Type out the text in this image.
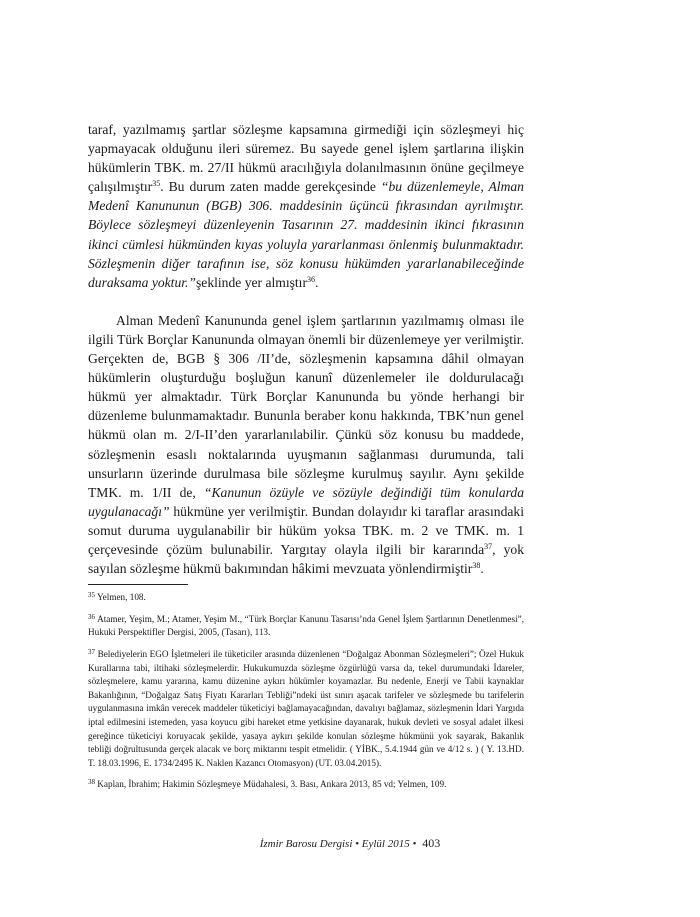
taraf, yazılmamış şartlar sözleşme kapsamına girmediği için sözleşmeyi hiç yapmayacak olduğunu ileri süremez. Bu sayede genel işlem şartlarına ilişkin hükümlerin TBK. m. 27/II hükmü aracılığıyla dolanılmasının önüne geçilmeye çalışılmıştır$^{35}$. Bu durum zaten madde gerekçesinde “bu düzenlemeyle, Alman Medenî Kanununun (BGB) 306. maddesinin üçüncü fıkrasından ayrılmıştır. Böylece sözleşmeyi düzenleyenin Tasarının 27. maddesinin ikinci fıkrasının ikinci cümlesi hükmünden kıyas yoluyla yararlanması önlenmiş bulunmaktadır. Sözleşmenin diğer tarafının ise, söz konusu hükümden yararlanabileceğinde duraksama yoktur.”şeklinde yer almıştır$^{36}$.

Alman Medenî Kanununda genel işlem şartlarının yazılmamış olması ile ilgili Türk Borçlar Kanununda olmayan önemli bir düzenlemeye yer verilmiştir. Gerçekten de, BGB § 306 /II’de, sözleşmenin kapsamına dâhil olmayan hükümlerin oluşturduğu boşluğun kanunî düzenlemeler ile doldurulacağı hükmü yer almaktadır. Türk Borçlar Kanununda bu yönde herhangi bir düzenleme bulunmamaktadır. Bununla beraber konu hakkında, TBK’nun genel hükmü olan m. 2/I-II’den yararlanılabilir. Çünkü söz konusu bu maddede, sözleşmenin esaslı noktalarında uyuşmanın sağlanması durumunda, tali unsurların üzerinde durulmasa bile sözleşme kurulmuş sayılır. Aynı şekilde TMK. m. 1/II de, “Kanunun özüyle ve sözüyle değindiği tüm konularda uygulanacağı” hükmüne yer verilmiştir. Bundan dolayıdır ki taraflar arasındaki somut duruma uygulanabilir bir hüküm yoksa TBK. m. 2 ve TMK. m. 1 çerçevesinde çözüm bulunabilir. Yargıtay olayla ilgili bir kararında$^{37}$, yok sayılan sözleşme hükmü bakımından hâkimi mevzuata yönlendirmiştir$^{38}$.

$^{35}$ Yelmen, 108.

$^{36}$ Atamer, Yeşim, M.; Atamer, Yeşim M., “Türk Borçlar Kanunu Tasarısı’nda Genel İşlem Şartlarının Denetlenmesi”, Hukuki Perspektifler Dergisi, 2005, (Tasarı), 113.

$^{37}$ Belediyelerin EGO İşletmeleri ile tüketiciler arasında düzenlenen “Doğalgaz Abonman Sözleşmeleri”; Özel Hukuk Kurallarına tabi, iltihaki sözleşmelerdir. Hukukumuzda sözleşme özgürlüğü varsa da, tekel durumundaki İdareler, sözleşmelere, kamu yararına, kamu düzenine aykırı hükümler koyamazlar. Bu nedenle, Enerji ve Tabii kaynaklar Bakanlığının, “Doğalgaz Satış Fiyatı Kararları Tebliği”ndeki üst sınırı aşacak tarifeler ve sözleşmede bu tarifelerin uygulanmasına imkân verecek maddeler tüketiciyi bağlamayacağından, davalıyı bağlamaz, sözleşmenin İdari Yargıda iptal edilmesini istemeden, yasa koyucu gibi hareket etme yetkisine dayanarak, hukuk devleti ve sosyal adalet ilkesi gereğince tüketiciyi koruyacak şekilde, yasaya aykırı şekilde konulan sözleşme hükmünü yok sayarak, Bakanlık tebliği doğrultusunda gerçek alacak ve borç miktarını tespit etmelidir. ( YİBK., 5.4.1944 gün ve 4/12 s. ) ( Y. 13.HD. T. 18.03.1996, E. 1734/2495 K. Naklen Kazancı Otomasyon) (UT. 03.04.2015).

$^{38}$ Kaplan, İbrahim; Hakimin Sözleşmeye Müdahalesi, 3. Bası, Ankara 2013, 85 vd; Yelmen, 109.

İzmir Barosu Dergisi • Eylül 2015 • 403
